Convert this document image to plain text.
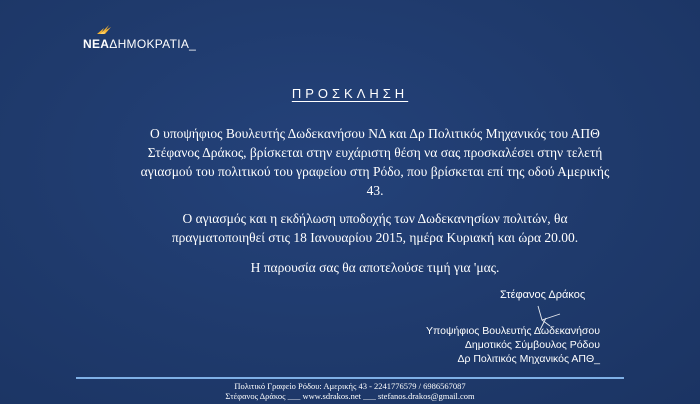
ΝΕΑΔΗΜΟΚΡΑΤΙΑ_
ΠΡΟΣΚΛΗΣΗ
Ο υποψήφιος Βουλευτής Δωδεκανήσου ΝΔ και Δρ Πολιτικός Μηχανικός του ΑΠΘ Στέφανος Δράκος, βρίσκεται στην ευχάριστη θέση να σας προσκαλέσει στην τελετή αγιασμού του πολιτικού του γραφείου στη Ρόδο, που βρίσκεται επί της οδού Αμερικής 43.
Ο αγιασμός και η εκδήλωση υποδοχής των Δωδεκανησίων πολιτών, θα πραγματοποιηθεί στις 18 Ιανουαρίου 2015, ημέρα Κυριακή και ώρα 20.00.
Η παρουσία σας θα αποτελούσε τιμή για 'μας.
Στέφανος Δράκος
Υποψήφιος Βουλευτής Δωδεκανήσου
Δημοτικός Σύμβουλος Ρόδου
Δρ Πολιτικός Μηχανικός ΑΠΘ_
Πολιτικό Γραφείο Ρόδου: Αμερικής 43 - 2241776579 / 6986567087
Στέφανος Δράκος ___ www.sdrakos.net ___ stefanos.drakos@gmail.com
